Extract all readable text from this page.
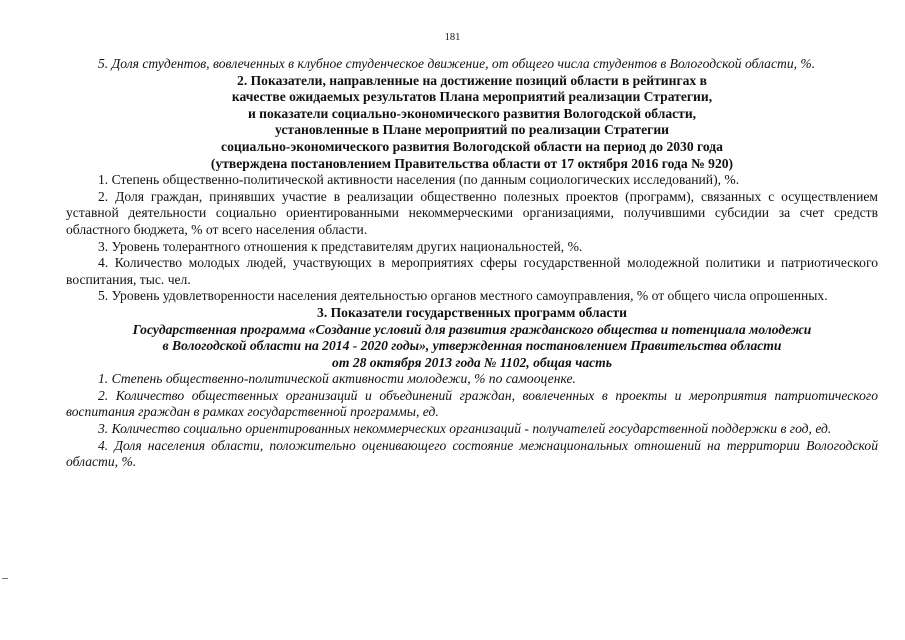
181

5. Доля студентов, вовлеченных в клубное студенческое движение, от общего числа студентов в Вологодской области, %.

2. Показатели, направленные на достижение позиций области в рейтингах в
качестве ожидаемых результатов Плана мероприятий реализации Стратегии,
и показатели социально-экономического развития Вологодской области,
установленные в Плане мероприятий по реализации Стратегии
социально-экономического развития Вологодской области на период до 2030 года
(утверждена постановлением Правительства области от 17 октября 2016 года № 920)

1. Степень общественно-политической активности населения (по данным социологических исследований), %.

2. Доля граждан, принявших участие в реализации общественно полезных проектов (программ), связанных с осуществлением уставной деятельности социально ориентированными некоммерческими организациями, получившими субсидии за счет средств областного бюджета, % от всего населения области.

3. Уровень толерантного отношения к представителям других национальностей, %.

4. Количество молодых людей, участвующих в мероприятиях сферы государственной молодежной политики и патриотического воспитания, тыс. чел.

5. Уровень удовлетворенности населения деятельностью органов местного самоуправления, % от общего числа опрошенных.

3. Показатели государственных программ области
Государственная программа «Создание условий для развития гражданского общества и потенциала молодежи
в Вологодской области на 2014 - 2020 годы», утвержденная постановлением Правительства области
от 28 октября 2013 года № 1102, общая часть

1. Степень общественно-политической активности молодежи, % по самооценке.

2. Количество общественных организаций и объединений граждан, вовлеченных в проекты и мероприятия патриотического воспитания граждан в рамках государственной программы, ед.

3. Количество социально ориентированных некоммерческих организаций - получателей государственной поддержки в год, ед.

4. Доля населения области, положительно оценивающего состояние межнациональных отношений на территории Вологодской области, %.
